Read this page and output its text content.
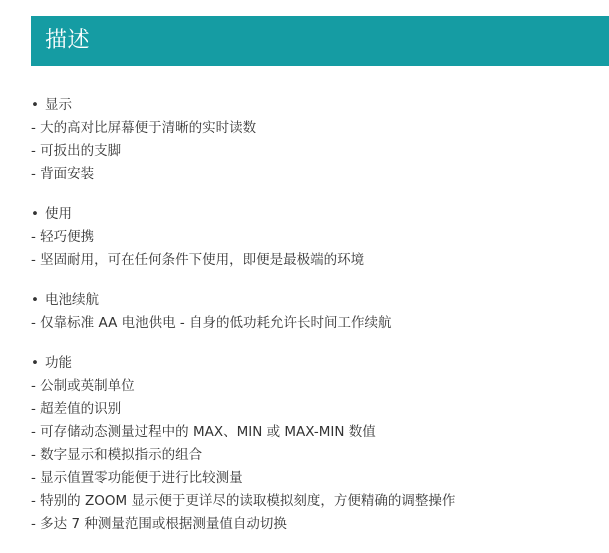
描述
• 显示
- 大的高对比屏幕便于清晰的实时读数
- 可扳出的支脚
- 背面安装
• 使用
- 轻巧便携
- 坚固耐用，可在任何条件下使用，即便是最极端的环境
• 电池续航
- 仅靠标准 AA 电池供电 - 自身的低功耗允许长时间工作续航
• 功能
- 公制或英制单位
- 超差值的识别
- 可存储动态测量过程中的 MAX、MIN 或 MAX-MIN 数值
- 数字显示和模拟指示的组合
- 显示值置零功能便于进行比较测量
- 特别的 ZOOM 显示便于更详尽的读取模拟刻度，方便精确的调整操作
- 多达 7 种测量范围或根据测量值自动切换
